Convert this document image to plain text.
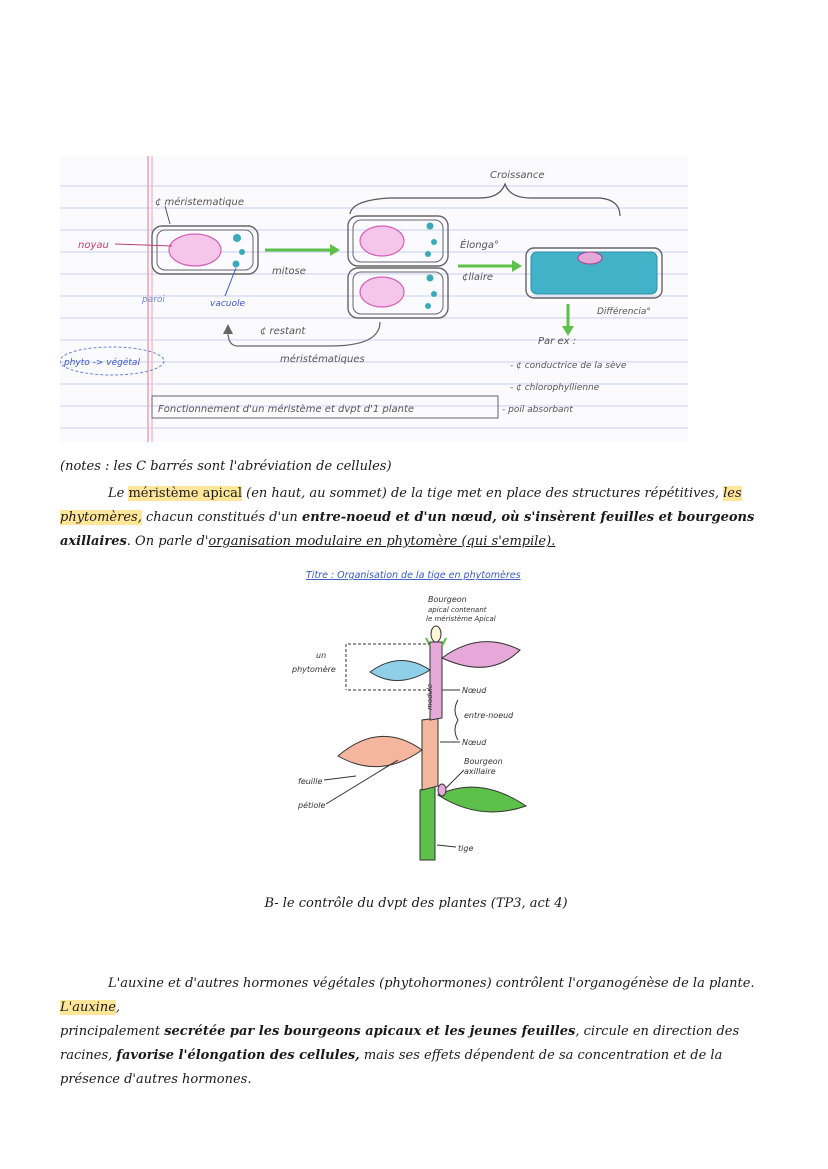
Croissance
¢ méristematique
noyau
paroi	vacuole
mitose
Élonga°
¢llaire
Différencia°
¢ restant
méristématiques
phyto -> végétal
Par ex :
- ¢ conductrice de la sève
- ¢ chlorophyllienne
- poil absorbant
Fonctionnement d'un méristème et dvpt d'1 plante
(notes : les C barrés sont l'abréviation de cellules)
Le méristème apical (en haut, au sommet) de la tige met en place des structures répétitives, les phytomères, chacun constitués d'un entre-noeud et d'un nœud, où s'insèrent feuilles et bourgeons axillaires. On parle d'organisation modulaire en phytomère (qui s'empile).
Titre : Organisation de la tige en phytomères
Bourgeon
apical contenant
le méristème Apical
module
un
phytomère
Nœud
entre-noeud
Nœud
Bourgeon
axillaire
feuille
pétiole
tige
B- le contrôle du dvpt des plantes (TP3, act 4)
L'auxine et d'autres hormones végétales (phytohormones) contrôlent l'organogénèse de la plante. L'auxine,
principalement secrétée par les bourgeons apicaux et les jeunes feuilles, circule en direction des racines, favorise l'élongation des cellules, mais ses effets dépendent de sa concentration et de la présence d'autres hormones.
